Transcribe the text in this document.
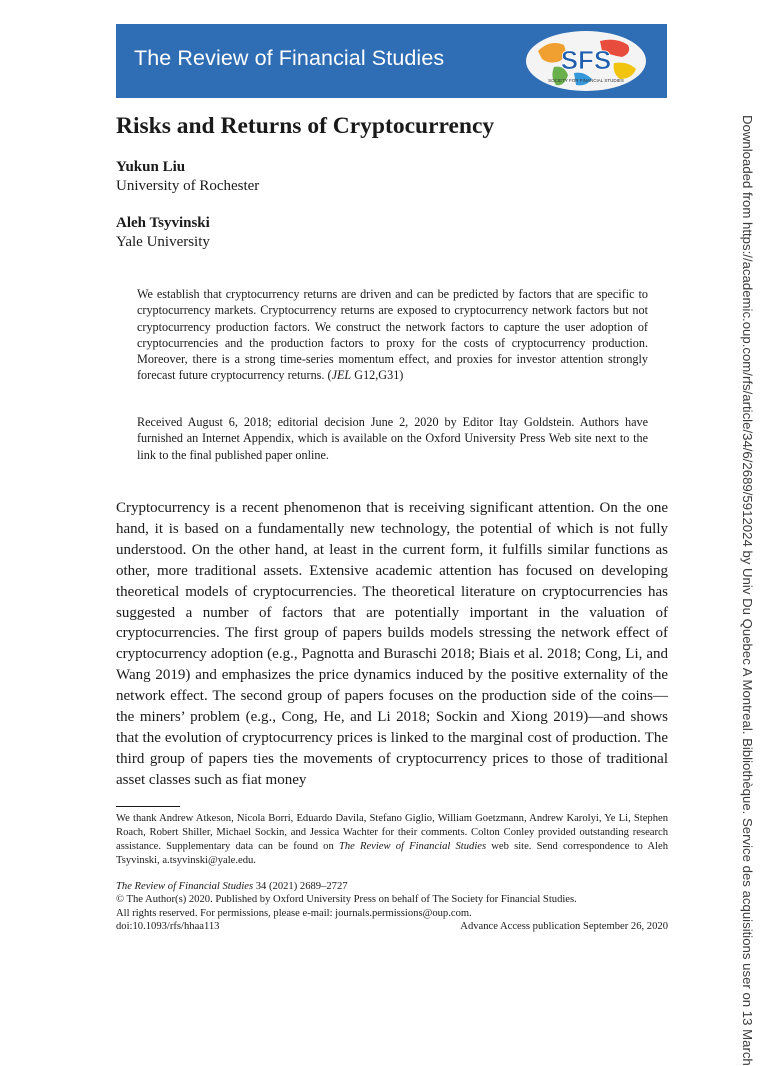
The Review of Financial Studies	SFS
SOCIETY FOR FINANCIAL STUDIES
Risks and Returns of Cryptocurrency

Yukun Liu

University of Rochester

Aleh Tsyvinski

Yale University

We establish that cryptocurrency returns are driven and can be predicted by factors that are specific to cryptocurrency markets. Cryptocurrency returns are exposed to cryptocurrency network factors but not cryptocurrency production factors. We construct the network factors to capture the user adoption of cryptocurrencies and the production factors to proxy for the costs of cryptocurrency production. Moreover, there is a strong time-series momentum effect, and proxies for investor attention strongly forecast future cryptocurrency returns. (JEL G12,G31)

Received August 6, 2018; editorial decision June 2, 2020 by Editor Itay Goldstein. Authors have furnished an Internet Appendix, which is available on the Oxford University Press Web site next to the link to the final published paper online.

Cryptocurrency is a recent phenomenon that is receiving significant attention. On the one hand, it is based on a fundamentally new technology, the potential of which is not fully understood. On the other hand, at least in the current form, it fulfills similar functions as other, more traditional assets. Extensive academic attention has focused on developing theoretical models of cryptocurrencies. The theoretical literature on cryptocurrencies has suggested a number of factors that are potentially important in the valuation of cryptocurrencies. The first group of papers builds models stressing the network effect of cryptocurrency adoption (e.g., Pagnotta and Buraschi 2018; Biais et al. 2018; Cong, Li, and Wang 2019) and emphasizes the price dynamics induced by the positive externality of the network effect. The second group of papers focuses on the production side of the coins—the miners’ problem (e.g., Cong, He, and Li 2018; Sockin and Xiong 2019)—and shows that the evolution of cryptocurrency prices is linked to the marginal cost of production. The third group of papers ties the movements of cryptocurrency prices to those of traditional asset classes such as fiat money

We thank Andrew Atkeson, Nicola Borri, Eduardo Davila, Stefano Giglio, William Goetzmann, Andrew Karolyi, Ye Li, Stephen Roach, Robert Shiller, Michael Sockin, and Jessica Wachter for their comments. Colton Conley provided outstanding research assistance. Supplementary data can be found on The Review of Financial Studies web site. Send correspondence to Aleh Tsyvinski, a.tsyvinski@yale.edu.

The Review of Financial Studies 34 (2021) 2689–2727
© The Author(s) 2020. Published by Oxford University Press on behalf of The Society for Financial Studies.
All rights reserved. For permissions, please e-mail: journals.permissions@oup.com.
doi:10.1093/rfs/hhaa113	Advance Access publication September 26, 2020	Downloaded from https://academic.oup.com/rfs/article/34/6/2689/5912024 by Univ Du Quebec A Montreal. Bibliothèque. Service des acquisitions user on 13 March
